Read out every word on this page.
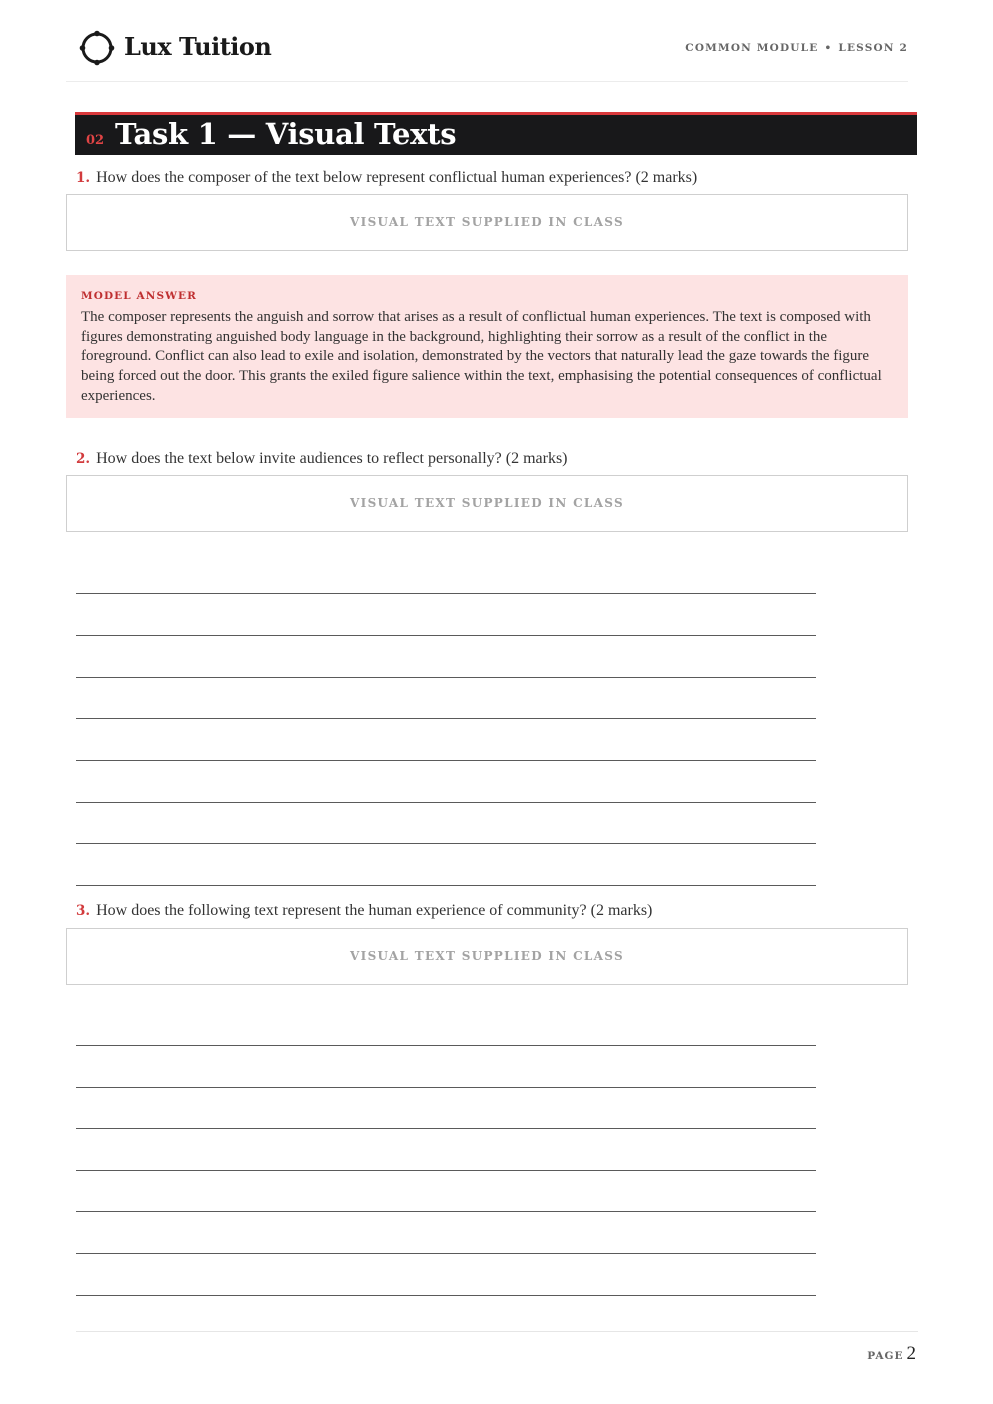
Lux Tuition	COMMON MODULE • LESSON 2
02 Task 1 — Visual Texts
1. How does the composer of the text below represent conflictual human experiences? (2 marks)
VISUAL TEXT SUPPLIED IN CLASS
MODEL ANSWER
The composer represents the anguish and sorrow that arises as a result of conflictual human experiences. The text is composed with figures demonstrating anguished body language in the background, highlighting their sorrow as a result of the conflict in the foreground. Conflict can also lead to exile and isolation, demonstrated by the vectors that naturally lead the gaze towards the figure being forced out the door. This grants the exiled figure salience within the text, emphasising the potential consequences of conflictual experiences.
2. How does the text below invite audiences to reflect personally? (2 marks)
VISUAL TEXT SUPPLIED IN CLASS
3. How does the following text represent the human experience of community? (2 marks)
VISUAL TEXT SUPPLIED IN CLASS
PAGE 2
